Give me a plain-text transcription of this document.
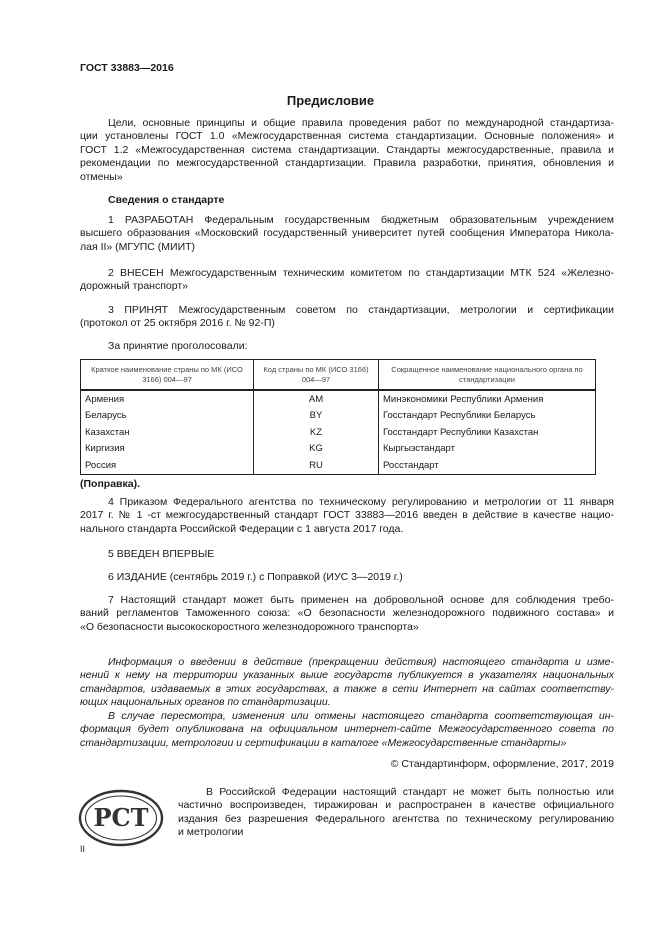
ГОСТ 33883—2016
Предисловие
Цели, основные принципы и общие правила проведения работ по международной стандартиза-
ции установлены ГОСТ 1.0 «Межгосударственная система стандартизации. Основные положения» и
ГОСТ 1.2 «Межгосударственная система стандартизации. Стандарты межгосударственные, правила и
рекомендации по межгосударственной стандартизации. Правила разработки, принятия, обновления и
отмены»
Сведения о стандарте
1 РАЗРАБОТАН Федеральным государственным бюджетным образовательным учреждением
высшего образования «Московский государственный университет путей сообщения Императора Никола-
лая II» (МГУПС (МИИТ)
2 ВНЕСЕН Межгосударственным техническим комитетом по стандартизации МТК 524 «Железно-
дорожный транспорт»
3 ПРИНЯТ Межгосударственным советом по стандартизации, метрологии и сертификации
(протокол от 25 октября 2016 г. № 92-П)
За принятие проголосовали:
Краткое наименование страны по МК (ИСО 3166) 004—97	Код страны по МК (ИСО 3166) 004—97	Сокращенное наименование национального органа по стандартизации
Армения	AM	Минэкономики Республики Армения
Беларусь	BY	Госстандарт Республики Беларусь
Казахстан	KZ	Госстандарт Республики Казахстан
Киргизия	KG	Кыргызстандарт
Россия	RU	Росстандарт
(Поправка).
4 Приказом Федерального агентства по техническому регулированию и метрологии от 11 января
2017 г. № 1 -ст межгосударственный стандарт ГОСТ 33883—2016 введен в действие в качестве нацио-
нального стандарта Российской Федерации с 1 августа 2017 года.
5 ВВЕДЕН ВПЕРВЫЕ
6 ИЗДАНИЕ (сентябрь 2019 г.) с Поправкой (ИУС 3—2019 г.)
7 Настоящий стандарт может быть применен на добровольной основе для соблюдения требо-
ваний регламентов Таможенного союза: «О безопасности железнодорожного подвижного состава» и
«О безопасности высокоскоростного железнодорожного транспорта»
Информация о введении в действие (прекращении действия) настоящего стандарта и изме-
нений к нему на территории указанных выше государств публикуется в указателях национальных
стандартов, издаваемых в этих государствах, а также в сети Интернет на сайтах соответству-
ющих национальных органов по стандартизации.
В случае пересмотра, изменения или отмены настоящего стандарта соответствующая ин-
формация будет опубликована на официальном интернет-сайте Межгосударственного совета по
стандартизации, метрологии и сертификации в каталоге «Межгосударственные стандарты»
© Стандартинформ, оформление, 2017, 2019
РСТ
В Российской Федерации настоящий стандарт не может быть полностью или
частично воспроизведен, тиражирован и распространен в качестве официального
издания без разрешения Федерального агентства по техническому регулированию
и метрологии
II
